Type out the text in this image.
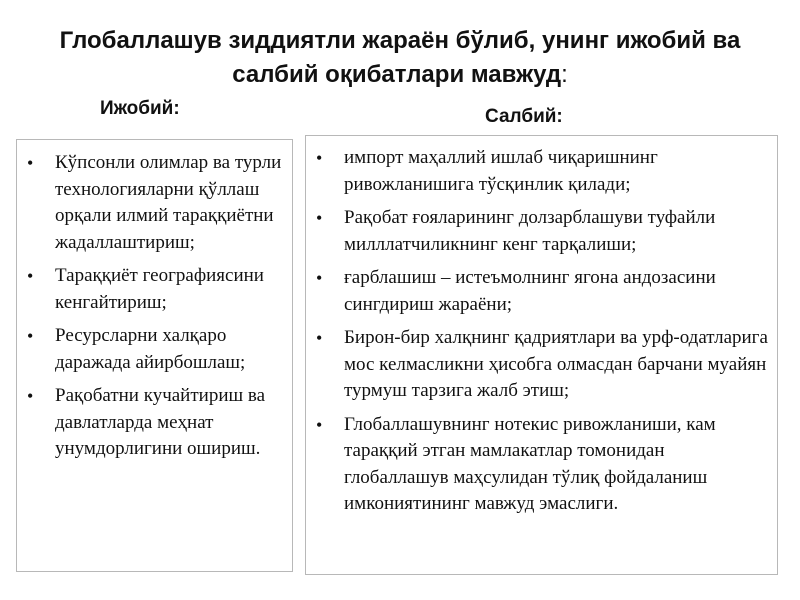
Глобаллашув зиддиятли жараён бўлиб, унинг ижобий ва
салбий оқибатлари мавжуд:
Ижобий:	Салбий:
• Кўпсонли олимлар ва турли технологияларни қўллаш орқали илмий тараққиётни жадаллаштириш;
• Тараққиёт географиясини кенгайтириш;
• Ресурсларни халқаро даражада айирбошлаш;
• Рақобатни кучайтириш ва давлатларда меҳнат унумдорлигини ошириш.
• импорт маҳаллий ишлаб чиқаришнинг ривожланишига тўсқинлик қилади;
• Рақобат ғояларининг долзарблашуви туфайли милллатчиликнинг кенг тарқалиши;
• ғарблашиш – истеъмолнинг ягона андозасини сингдириш жараёни;
• Бирон-бир халқнинг қадриятлари ва урф-одатларига мос келмасликни ҳисобга олмасдан барчани муайян турмуш тарзига жалб этиш;
• Глобаллашувнинг нотекис ривожланиши, кам тараққий этган мамлакатлар томонидан глобаллашув маҳсулидан тўлиқ фойдаланиш имкониятининг мавжуд эмаслиги.
